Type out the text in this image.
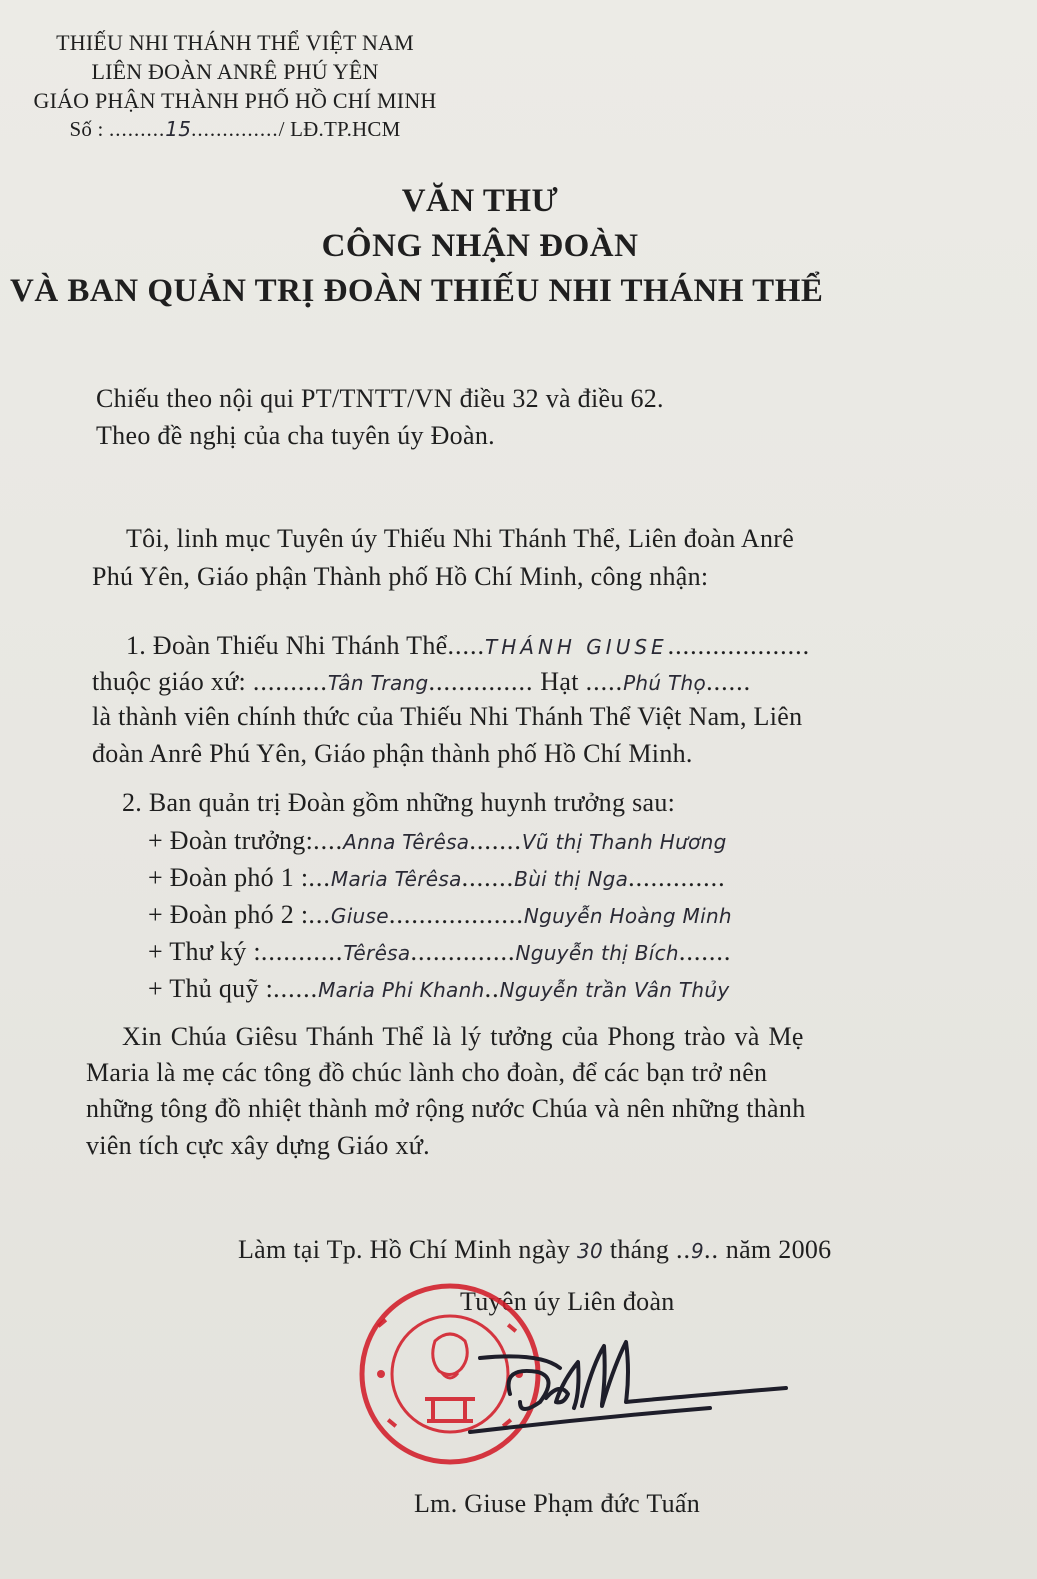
THIẾU NHI THÁNH THỂ VIỆT NAM
LIÊN ĐOÀN ANRÊ PHÚ YÊN
GIÁO PHẬN THÀNH PHỐ HỒ CHÍ MINH
Số : .........15............../ LĐ.TP.HCM
VĂN THƯ
CÔNG NHẬN ĐOÀN
VÀ BAN QUẢN TRỊ ĐOÀN THIẾU NHI THÁNH THỂ
Chiếu theo nội qui PT/TNTT/VN điều 32 và điều 62.
Theo đề nghị của cha tuyên úy Đoàn.
Tôi, linh mục Tuyên úy Thiếu Nhi Thánh Thể, Liên đoàn Anrê
Phú Yên, Giáo phận Thành phố Hồ Chí Minh, công nhận:
1. Đoàn Thiếu Nhi Thánh Thể.....THÁNH GIUSE...................
thuộc giáo xứ: ..........Tân Trang.............. Hạt .....Phú Thọ......
là thành viên chính thức của Thiếu Nhi Thánh Thể Việt Nam, Liên
đoàn Anrê Phú Yên, Giáo phận thành phố Hồ Chí Minh.
2. Ban quản trị Đoàn gồm những huynh trưởng sau:
+ Đoàn trưởng:....Anna Têrêsa.......Vũ thị Thanh Hương
+ Đoàn phó 1 :...Maria Têrêsa.......Bùi thị Nga.............
+ Đoàn phó 2 :...Giuse..................Nguyễn Hoàng Minh
+ Thư ký :...........Têrêsa..............Nguyễn thị Bích.......
+ Thủ quỹ :......Maria Phi Khanh..Nguyễn trần Vân Thủy
Xin Chúa Giêsu Thánh Thể là lý tưởng của Phong trào và Mẹ
Maria là mẹ các tông đồ chúc lành cho đoàn, để các bạn trở nên
những tông đồ nhiệt thành mở rộng nước Chúa và nên những thành
viên tích cực xây dựng Giáo xứ.
Làm tại Tp. Hồ Chí Minh ngày 30 tháng ..9.. năm 2006
Tuyên úy Liên đoàn
Lm. Giuse Phạm đức Tuấn
